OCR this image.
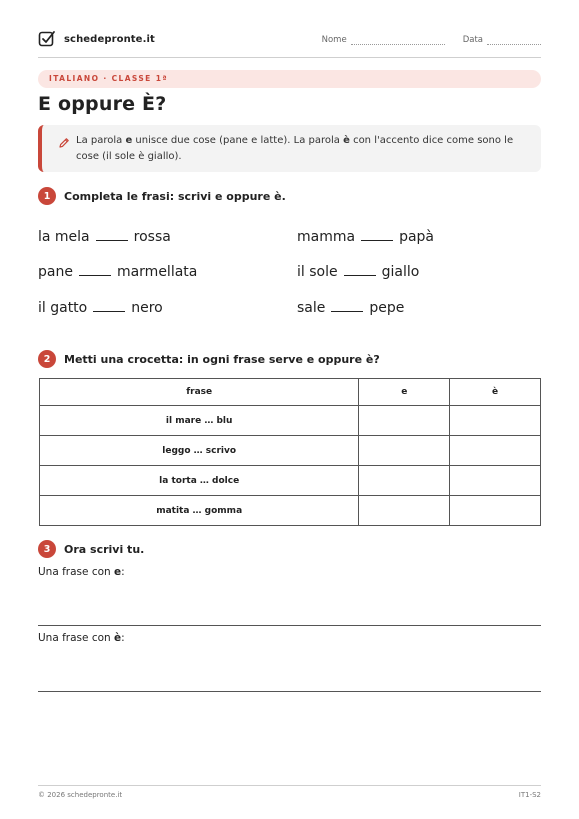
schedepronte.it	Nome	Data
ITALIANO · CLASSE 1ª
E oppure È?
La parola e unisce due cose (pane e latte). La parola è con l'accento dice come sono le cose (il sole è giallo).
1	Completa le frasi: scrivi e oppure è.
la mela	rossa	mamma	papà
pane	marmellata	il sole	giallo
il gatto	nero	sale	pepe
2	Metti una crocetta: in ogni frase serve e oppure è?
frase	e	è
il mare … blu		
leggo … scrivo		
la torta … dolce		
matita … gomma		
3	Ora scrivi tu.
Una frase con e:
Una frase con è:
© 2026 schedepronte.it	IT1-S2
